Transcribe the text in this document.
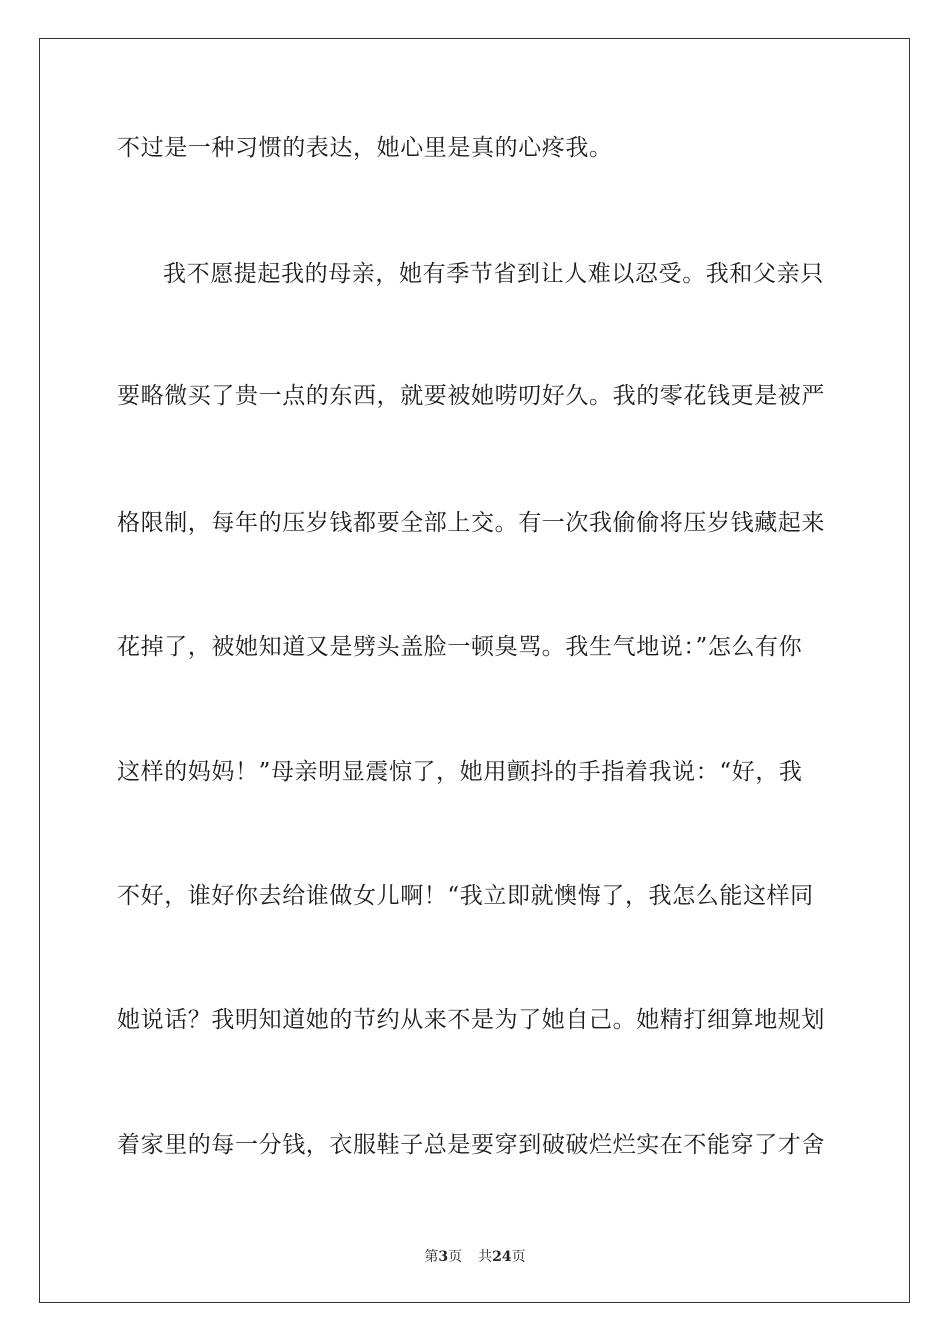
不过是一种习惯的表达，她心里是真的心疼我。
我不愿提起我的母亲，她有季节省到让人难以忍受。我和父亲只
要略微买了贵一点的东西，就要被她唠叨好久。我的零花钱更是被严
格限制，每年的压岁钱都要全部上交。有一次我偷偷将压岁钱藏起来
花掉了，被她知道又是劈头盖脸一顿臭骂。我生气地说：”怎么有你
这样的妈妈！”母亲明显震惊了，她用颤抖的手指着我说：“好，我
不好，谁好你去给谁做女儿啊！“我立即就懊悔了，我怎么能这样同
她说话？我明知道她的节约从来不是为了她自己。她精打细算地规划
着家里的每一分钱，衣服鞋子总是要穿到破破烂烂实在不能穿了才舍
第3页 共24页
